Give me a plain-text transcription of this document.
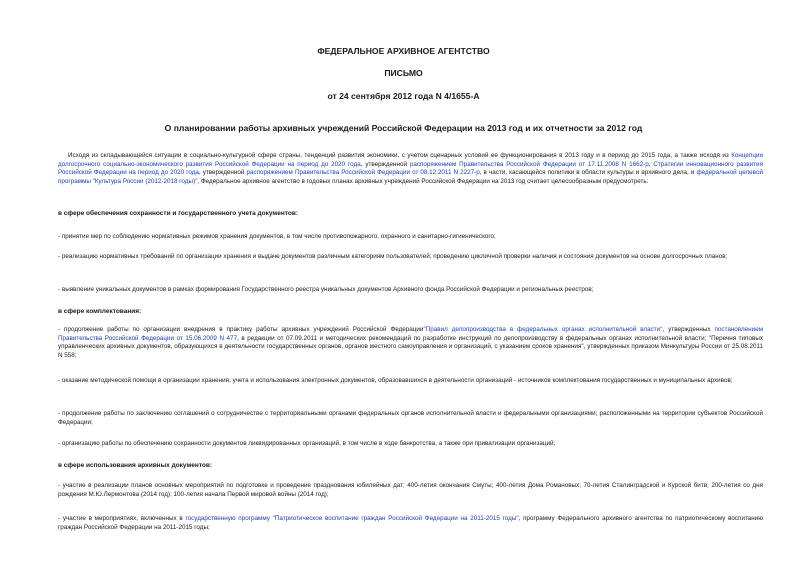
ФЕДЕРАЛЬНОЕ АРХИВНОЕ АГЕНТСТВО
ПИСЬМО
от 24 сентября 2012 года N 4/1655-А
О планировании работы архивных учреждений Российской Федерации на 2013 год и их отчетности за 2012 год
Исходя из складывающейся ситуации в социально-культурной сфере страны, тенденций развития экономики, с учетом сценарных условий ее функционирования в 2013 году и в период до 2015 года, а также исходя из Концепции долгосрочного социально-экономического развития Российской Федерации на период до 2020 года, утвержденной распоряжением Правительства Российской Федерации от 17.11.2008 N 1662-р, Стратегии инновационного развития Российской Федерации на период до 2020 года, утвержденной распоряжением Правительства Российской Федерации от 08.12.2011 N 2227-р, в части, касающейся политики в области культуры и архивного дела, и федеральной целевой программы "Культура России (2012-2018 годы)", Федеральное архивное агентство в годовых планах архивных учреждений Российской Федерации на 2013 год считает целесообразным предусмотреть:
в сфере обеспечения сохранности и государственного учета документов:
- принятие мер по соблюдению нормативных режимов хранения документов, в том числе противопожарного, охранного и санитарно-гигиенического;
- реализацию нормативных требований по организации хранения и выдаче документов различным категориям пользователей; проведению цикличной проверки наличия и состояния документов на основе долгосрочных планов;
- выявление уникальных документов в рамках формирования Государственного реестра уникальных документов Архивного фонда Российской Федерации и региональных реестров;
в сфере комплектования:
- продолжение работы по организации внедрения в практику работы архивных учреждений Российской Федерации"Правил делопроизводства в федеральных органах исполнительной власти", утвержденных постановлением Правительства Российской Федерации от 15.06.2009 N 477, в редакции от 07.09.2011 и методических рекомендаций по разработке инструкций по делопроизводству в федеральных органах исполнительной власти; "Перечня типовых управленческих архивных документов, образующихся в деятельности государственных органов, органов местного самоуправления и организаций, с указанием сроков хранения", утвержденных приказом Минкультуры России от 25.08.2011 N 558;
- оказание методической помощи в организации хранения, учета и использования электронных документов, образовавшихся в деятельности организаций - источников комплектования государственных и муниципальных архивов;
- продолжение работы по заключению соглашений о сотрудничестве с территориальными органами федеральных органов исполнительной власти и федеральными организациями; расположенными на территории субъектов Российской Федерации;
- организацию работы по обеспечению сохранности документов ликвидированных организаций, в том числе в ходе банкротства, а также при приватизации организаций;
в сфере использования архивных документов:
- участие в реализации планов основных мероприятий по подготовке и проведение празднования юбилейных дат; 400-летия окончания Смуты; 400-летия Дома Романовых; 70-летия Сталинградской и Курской битв; 200-летия со дня рождения М.Ю.Лермонтова (2014 год); 100-летия начала Первой мировой войны (2014 год);
- участие в мероприятиях, включенных в государственную программу "Патриотическое воспитание граждан Российской Федерации на 2011-2015 годы", программу Федерального архивного агентства по патриотическому воспитанию граждан Российской Федерации на 2011-2015 годы;
